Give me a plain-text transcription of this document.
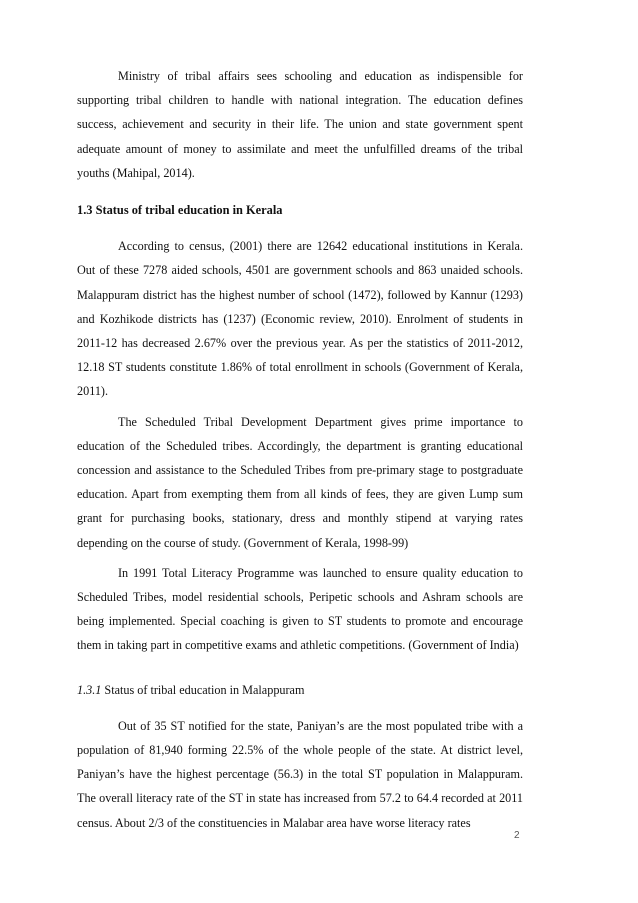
Ministry of tribal affairs sees schooling and education as indispensible for supporting tribal children to handle with national integration. The education defines success, achievement and security in their life. The union and state government spent adequate amount of money to assimilate and meet the unfulfilled dreams of the tribal youths (Mahipal, 2014).

1.3 Status of tribal education in Kerala

According to census, (2001) there are 12642 educational institutions in Kerala. Out of these 7278 aided schools, 4501 are government schools and 863 unaided schools. Malappuram district has the highest number of school (1472), followed by Kannur (1293) and Kozhikode districts has (1237) (Economic review, 2010). Enrolment of students in 2011-12 has decreased 2.67% over the previous year. As per the statistics of 2011-2012, 12.18 ST students constitute 1.86% of total enrollment in schools (Government of Kerala, 2011).

The Scheduled Tribal Development Department gives prime importance to education of the Scheduled tribes. Accordingly, the department is granting educational concession and assistance to the Scheduled Tribes from pre-primary stage to postgraduate education. Apart from exempting them from all kinds of fees, they are given Lump sum grant for purchasing books, stationary, dress and monthly stipend at varying rates depending on the course of study. (Government of Kerala, 1998-99)

In 1991 Total Literacy Programme was launched to ensure quality education to Scheduled Tribes, model residential schools, Peripetic schools and Ashram schools are being implemented. Special coaching is given to ST students to promote and encourage them in taking part in competitive exams and athletic competitions. (Government of India)

1.3.1 Status of tribal education in Malappuram

Out of 35 ST notified for the state, Paniyan’s are the most populated tribe with a population of 81,940 forming 22.5% of the whole people of the state. At district level, Paniyan’s have the highest percentage (56.3) in the total ST population in Malappuram. The overall literacy rate of the ST in state has increased from 57.2 to 64.4 recorded at 2011 census. About 2/3 of the constituencies in Malabar area have worse literacy rates

2
